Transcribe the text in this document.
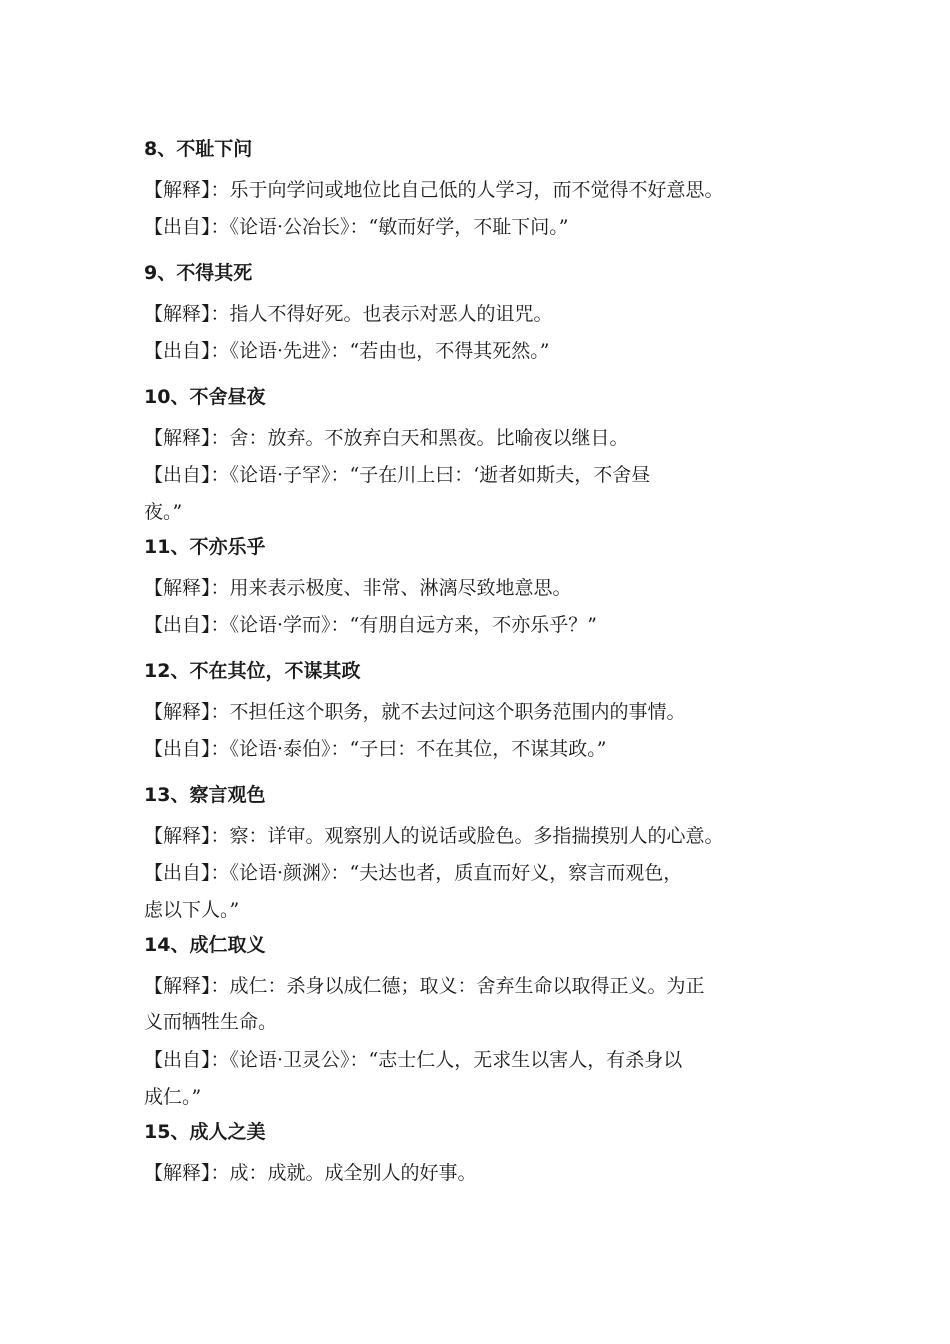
8、不耻下问

【解释】：乐于向学问或地位比自己低的人学习，而不觉得不好意思。

【出自】：《论语·公冶长》：“敏而好学，不耻下问。”

9、不得其死

【解释】：指人不得好死。也表示对恶人的诅咒。

【出自】：《论语·先进》：“若由也，不得其死然。”

10、不舍昼夜

【解释】：舍：放弃。不放弃白天和黑夜。比喻夜以继日。

【出自】：《论语·子罕》：“子在川上曰：‘逝者如斯夫，不舍昼

夜。”

11、不亦乐乎

【解释】：用来表示极度、非常、淋漓尽致地意思。

【出自】：《论语·学而》：“有朋自远方来，不亦乐乎？”

12、不在其位，不谋其政

【解释】：不担任这个职务，就不去过问这个职务范围内的事情。

【出自】：《论语·泰伯》：“子曰：不在其位，不谋其政。”

13、察言观色

【解释】：察：详审。观察别人的说话或脸色。多指揣摸别人的心意。

【出自】：《论语·颜渊》：“夫达也者，质直而好义，察言而观色，

虑以下人。”

14、成仁取义

【解释】：成仁：杀身以成仁德；取义：舍弃生命以取得正义。为正

义而牺牲生命。

【出自】：《论语·卫灵公》：“志士仁人，无求生以害人，有杀身以

成仁。”

15、成人之美

【解释】：成：成就。成全别人的好事。
